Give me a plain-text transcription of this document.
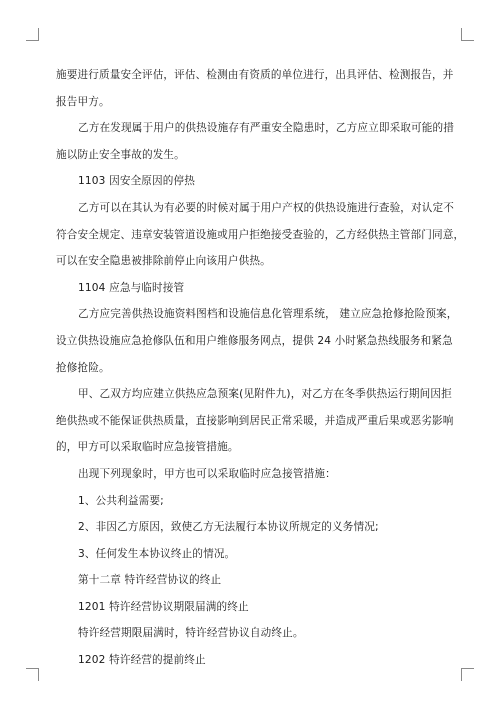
施要进行质量安全评估，评估、检测由有资质的单位进行，出具评估、检测报告，并
报告甲方。
乙方在发现属于用户的供热设施存有严重安全隐患时，乙方应立即采取可能的措
施以防止安全事故的发生。
1103 因安全原因的停热
乙方可以在其认为有必要的时候对属于用户产权的供热设施进行查验，对认定不
符合安全规定、违章安装管道设施或用户拒绝接受查验的，乙方经供热主管部门同意，
可以在安全隐患被排除前停止向该用户供热。
1104 应急与临时接管
乙方应完善供热设施资料图档和设施信息化管理系统， 建立应急抢修抢险预案，
设立供热设施应急抢修队伍和用户维修服务网点，提供 24 小时紧急热线服务和紧急
抢修抢险。
甲、乙双方均应建立供热应急预案(见附件九)，对乙方在冬季供热运行期间因拒
绝供热或不能保证供热质量，直接影响到居民正常采暖，并造成严重后果或恶劣影响
的，甲方可以采取临时应急接管措施。
出现下列现象时，甲方也可以采取临时应急接管措施：
1、公共利益需要;
2、非因乙方原因，致使乙方无法履行本协议所规定的义务情况;
3、任何发生本协议终止的情况。
第十二章 特许经营协议的终止
1201 特许经营协议期限届满的终止
特许经营期限届满时，特许经营协议自动终止。
1202 特许经营的提前终止
